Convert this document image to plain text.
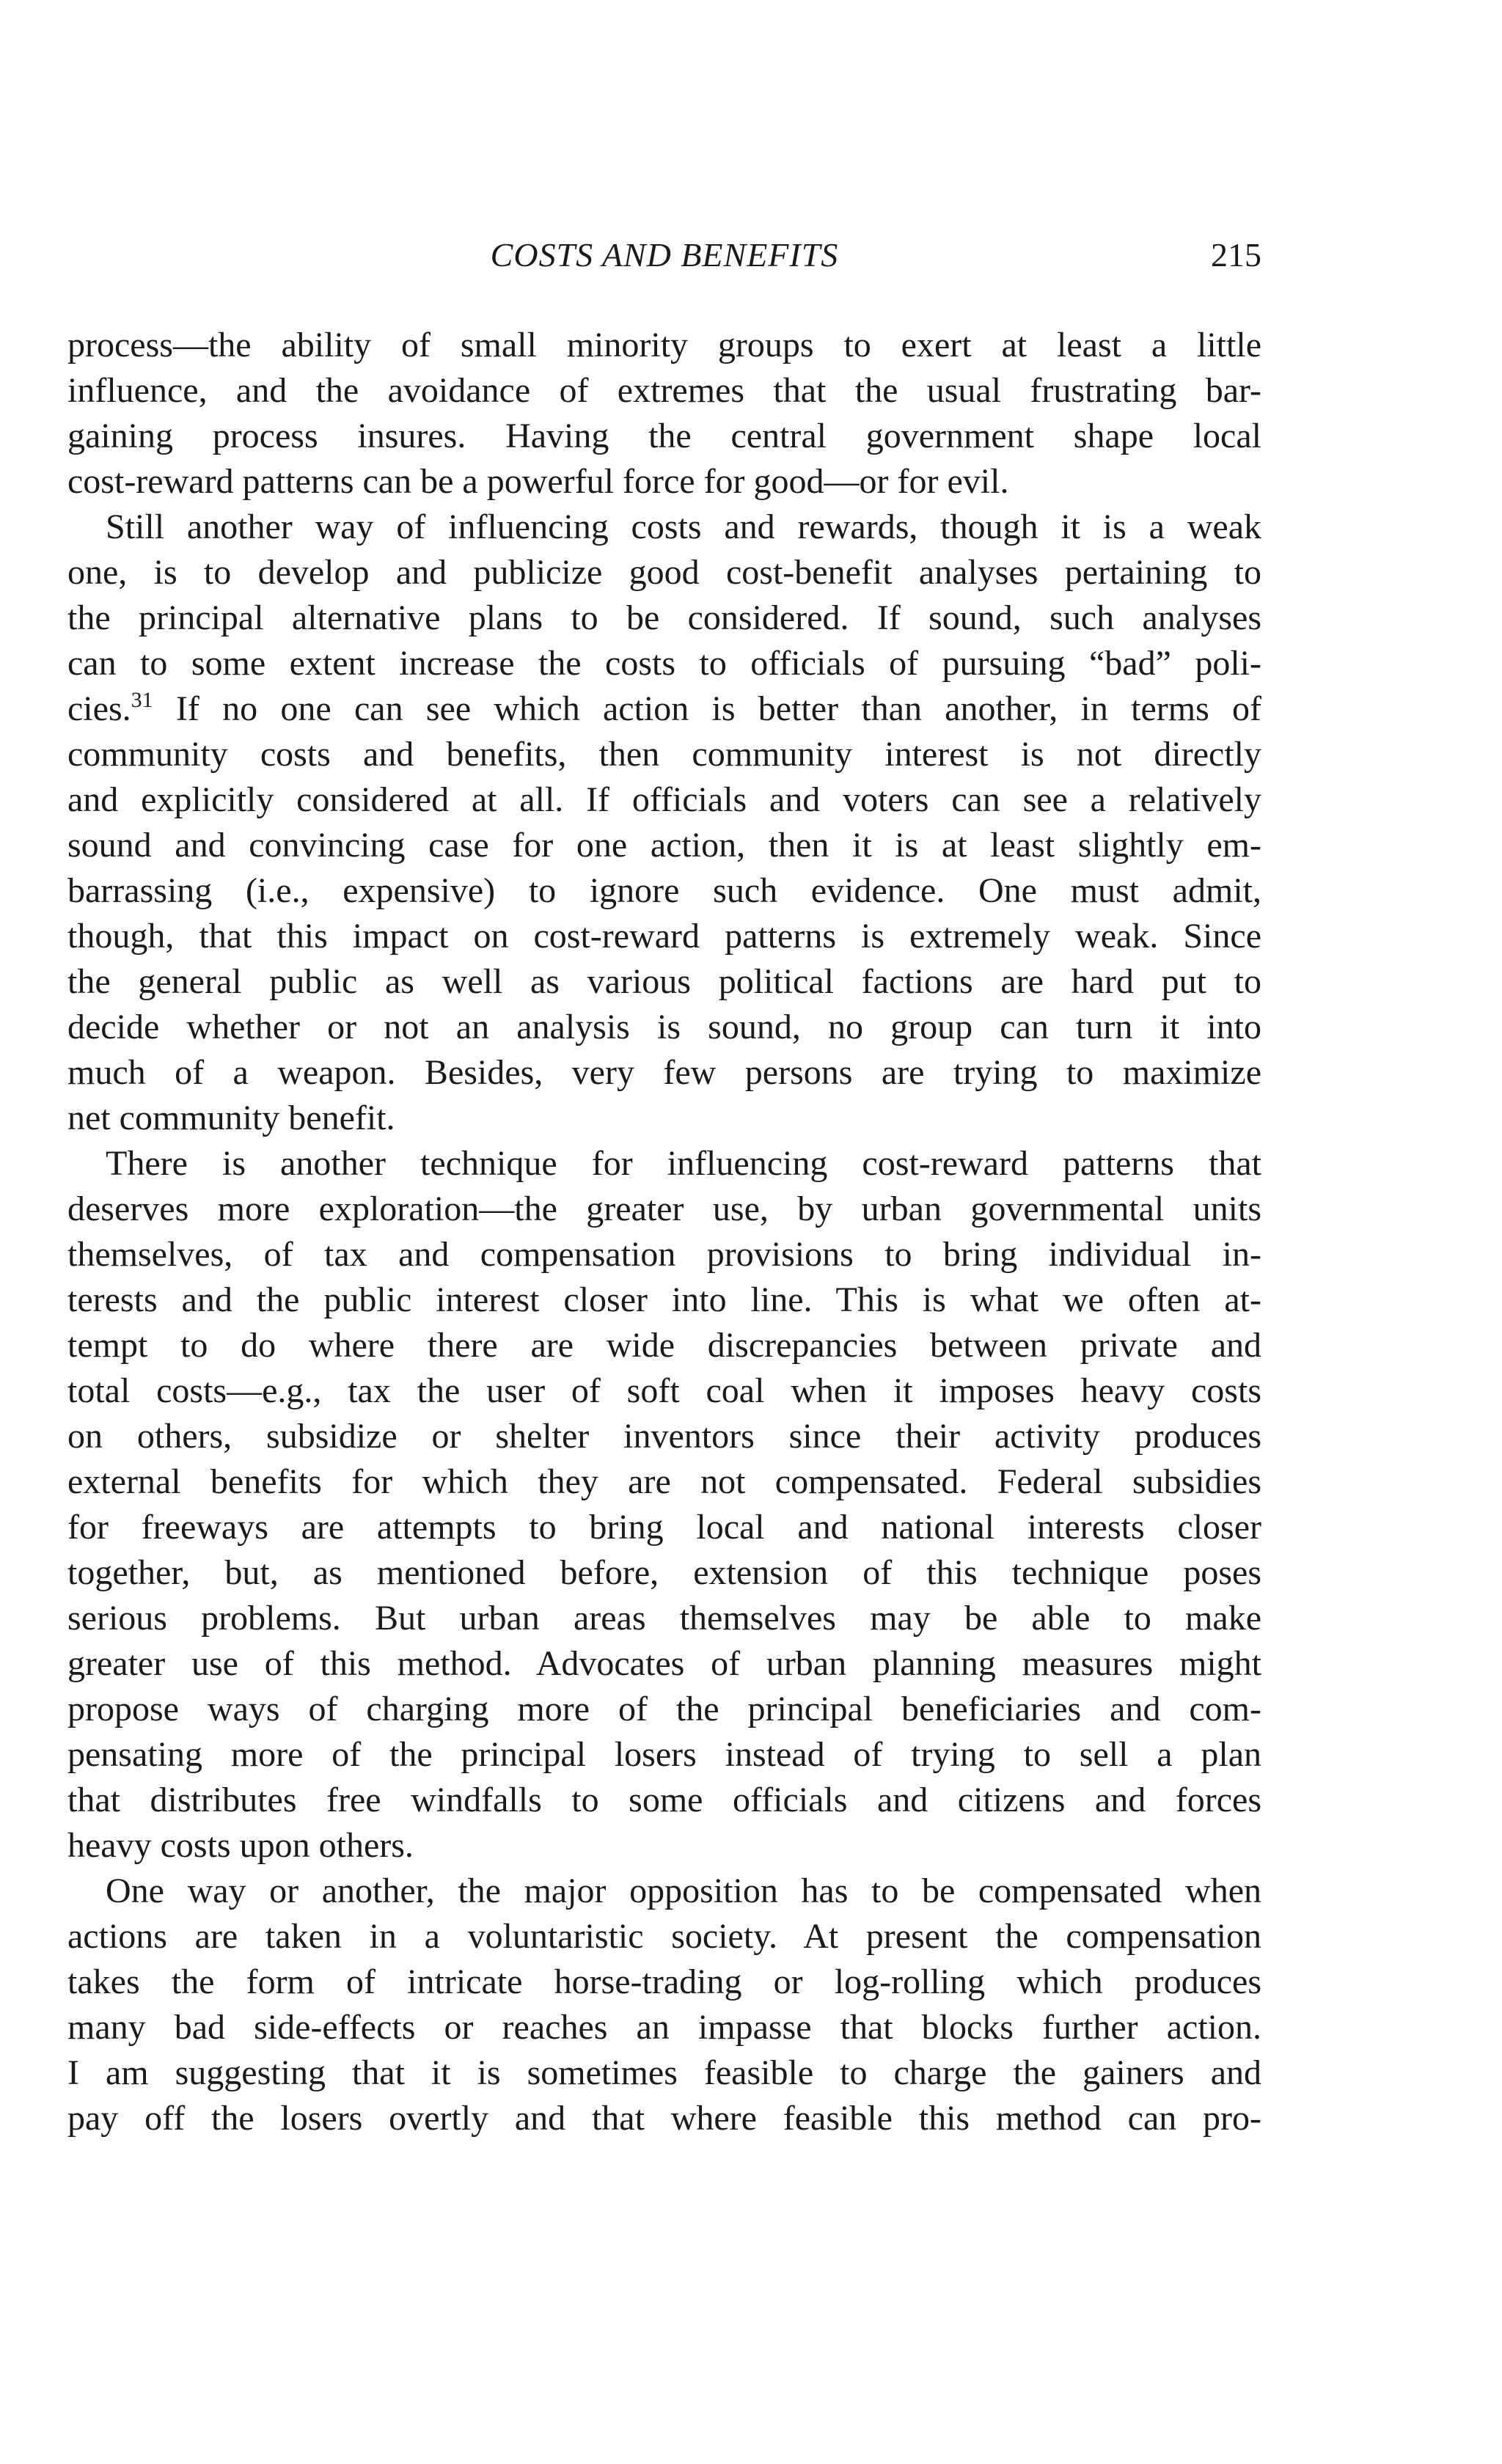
COSTS AND BENEFITS	215
process—the ability of small minority groups to exert at least a little
influence, and the avoidance of extremes that the usual frustrating bar-
gaining process insures. Having the central government shape local
cost-reward patterns can be a powerful force for good—or for evil.
Still another way of influencing costs and rewards, though it is a weak
one, is to develop and publicize good cost-benefit analyses pertaining to
the principal alternative plans to be considered. If sound, such analyses
can to some extent increase the costs to officials of pursuing “bad” poli-
cies.$^{31}$ If no one can see which action is better than another, in terms of
community costs and benefits, then community interest is not directly
and explicitly considered at all. If officials and voters can see a relatively
sound and convincing case for one action, then it is at least slightly em-
barrassing (i.e., expensive) to ignore such evidence. One must admit,
though, that this impact on cost-reward patterns is extremely weak. Since
the general public as well as various political factions are hard put to
decide whether or not an analysis is sound, no group can turn it into
much of a weapon. Besides, very few persons are trying to maximize
net community benefit.
There is another technique for influencing cost-reward patterns that
deserves more exploration—the greater use, by urban governmental units
themselves, of tax and compensation provisions to bring individual in-
terests and the public interest closer into line. This is what we often at-
tempt to do where there are wide discrepancies between private and
total costs—e.g., tax the user of soft coal when it imposes heavy costs
on others, subsidize or shelter inventors since their activity produces
external benefits for which they are not compensated. Federal subsidies
for freeways are attempts to bring local and national interests closer
together, but, as mentioned before, extension of this technique poses
serious problems. But urban areas themselves may be able to make
greater use of this method. Advocates of urban planning measures might
propose ways of charging more of the principal beneficiaries and com-
pensating more of the principal losers instead of trying to sell a plan
that distributes free windfalls to some officials and citizens and forces
heavy costs upon others.
One way or another, the major opposition has to be compensated when
actions are taken in a voluntaristic society. At present the compensation
takes the form of intricate horse-trading or log-rolling which produces
many bad side-effects or reaches an impasse that blocks further action.
I am suggesting that it is sometimes feasible to charge the gainers and
pay off the losers overtly and that where feasible this method can pro-
